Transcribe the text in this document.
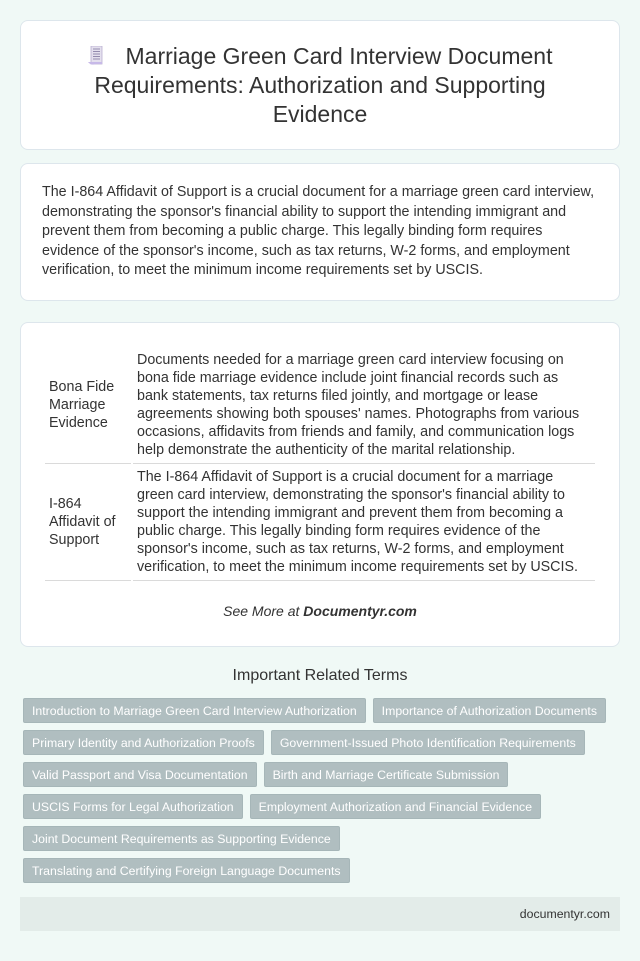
Marriage Green Card Interview Document Requirements: Authorization and Supporting Evidence

The I-864 Affidavit of Support is a crucial document for a marriage green card interview, demonstrating the sponsor's financial ability to support the intending immigrant and prevent them from becoming a public charge. This legally binding form requires evidence of the sponsor's income, such as tax returns, W-2 forms, and employment verification, to meet the minimum income requirements set by USCIS.

Bona Fide Marriage Evidence	Documents needed for a marriage green card interview focusing on bona fide marriage evidence include joint financial records such as bank statements, tax returns filed jointly, and mortgage or lease agreements showing both spouses' names. Photographs from various occasions, affidavits from friends and family, and communication logs help demonstrate the authenticity of the marital relationship.
I-864 Affidavit of Support	The I-864 Affidavit of Support is a crucial document for a marriage green card interview, demonstrating the sponsor's financial ability to support the intending immigrant and prevent them from becoming a public charge. This legally binding form requires evidence of the sponsor's income, such as tax returns, W-2 forms, and employment verification, to meet the minimum income requirements set by USCIS.

See More at Documentyr.com

Important Related Terms
Introduction to Marriage Green Card Interview Authorization	Importance of Authorization Documents
Primary Identity and Authorization Proofs	Government-Issued Photo Identification Requirements
Valid Passport and Visa Documentation	Birth and Marriage Certificate Submission
USCIS Forms for Legal Authorization	Employment Authorization and Financial Evidence
Joint Document Requirements as Supporting Evidence
Translating and Certifying Foreign Language Documents
documentyr.com
